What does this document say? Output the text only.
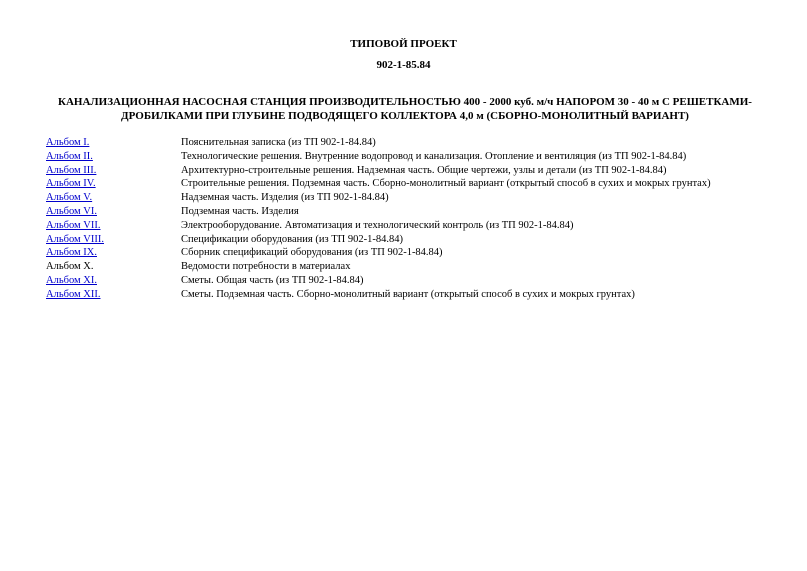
ТИПОВОЙ ПРОЕКТ

902-1-85.84

КАНАЛИЗАЦИОННАЯ НАСОСНАЯ СТАНЦИЯ ПРОИЗВОДИТЕЛЬНОСТЬЮ 400 - 2000 куб. м/ч НАПОРОМ 30 - 40 м С РЕШЕТКАМИ-ДРОБИЛКАМИ ПРИ ГЛУБИНЕ ПОДВОДЯЩЕГО КОЛЛЕКТОРА 4,0 м (СБОРНО-МОНОЛИТНЫЙ ВАРИАНТ)

Альбом I.	Пояснительная записка (из ТП 902-1-84.84)
Альбом II.	Технологические решения. Внутренние водопровод и канализация. Отопление и вентиляция (из ТП 902-1-84.84)
Альбом III.	Архитектурно-строительные решения. Надземная часть. Общие чертежи, узлы и детали (из ТП 902-1-84.84)
Альбом IV.	Строительные решения. Подземная часть. Сборно-монолитный вариант (открытый способ в сухих и мокрых грунтах)
Альбом V.	Надземная часть. Изделия (из ТП 902-1-84.84)
Альбом VI.	Подземная часть. Изделия
Альбом VII.	Электрооборудование. Автоматизация и технологический контроль (из ТП 902-1-84.84)
Альбом VIII.	Спецификации оборудования (из ТП 902-1-84.84)
Альбом IX.	Сборник спецификаций оборудования (из ТП 902-1-84.84)
Альбом X.	Ведомости потребности в материалах
Альбом XI.	Сметы. Общая часть (из ТП 902-1-84.84)
Альбом XII.	Сметы. Подземная часть. Сборно-монолитный вариант (открытый способ в сухих и мокрых грунтах)
